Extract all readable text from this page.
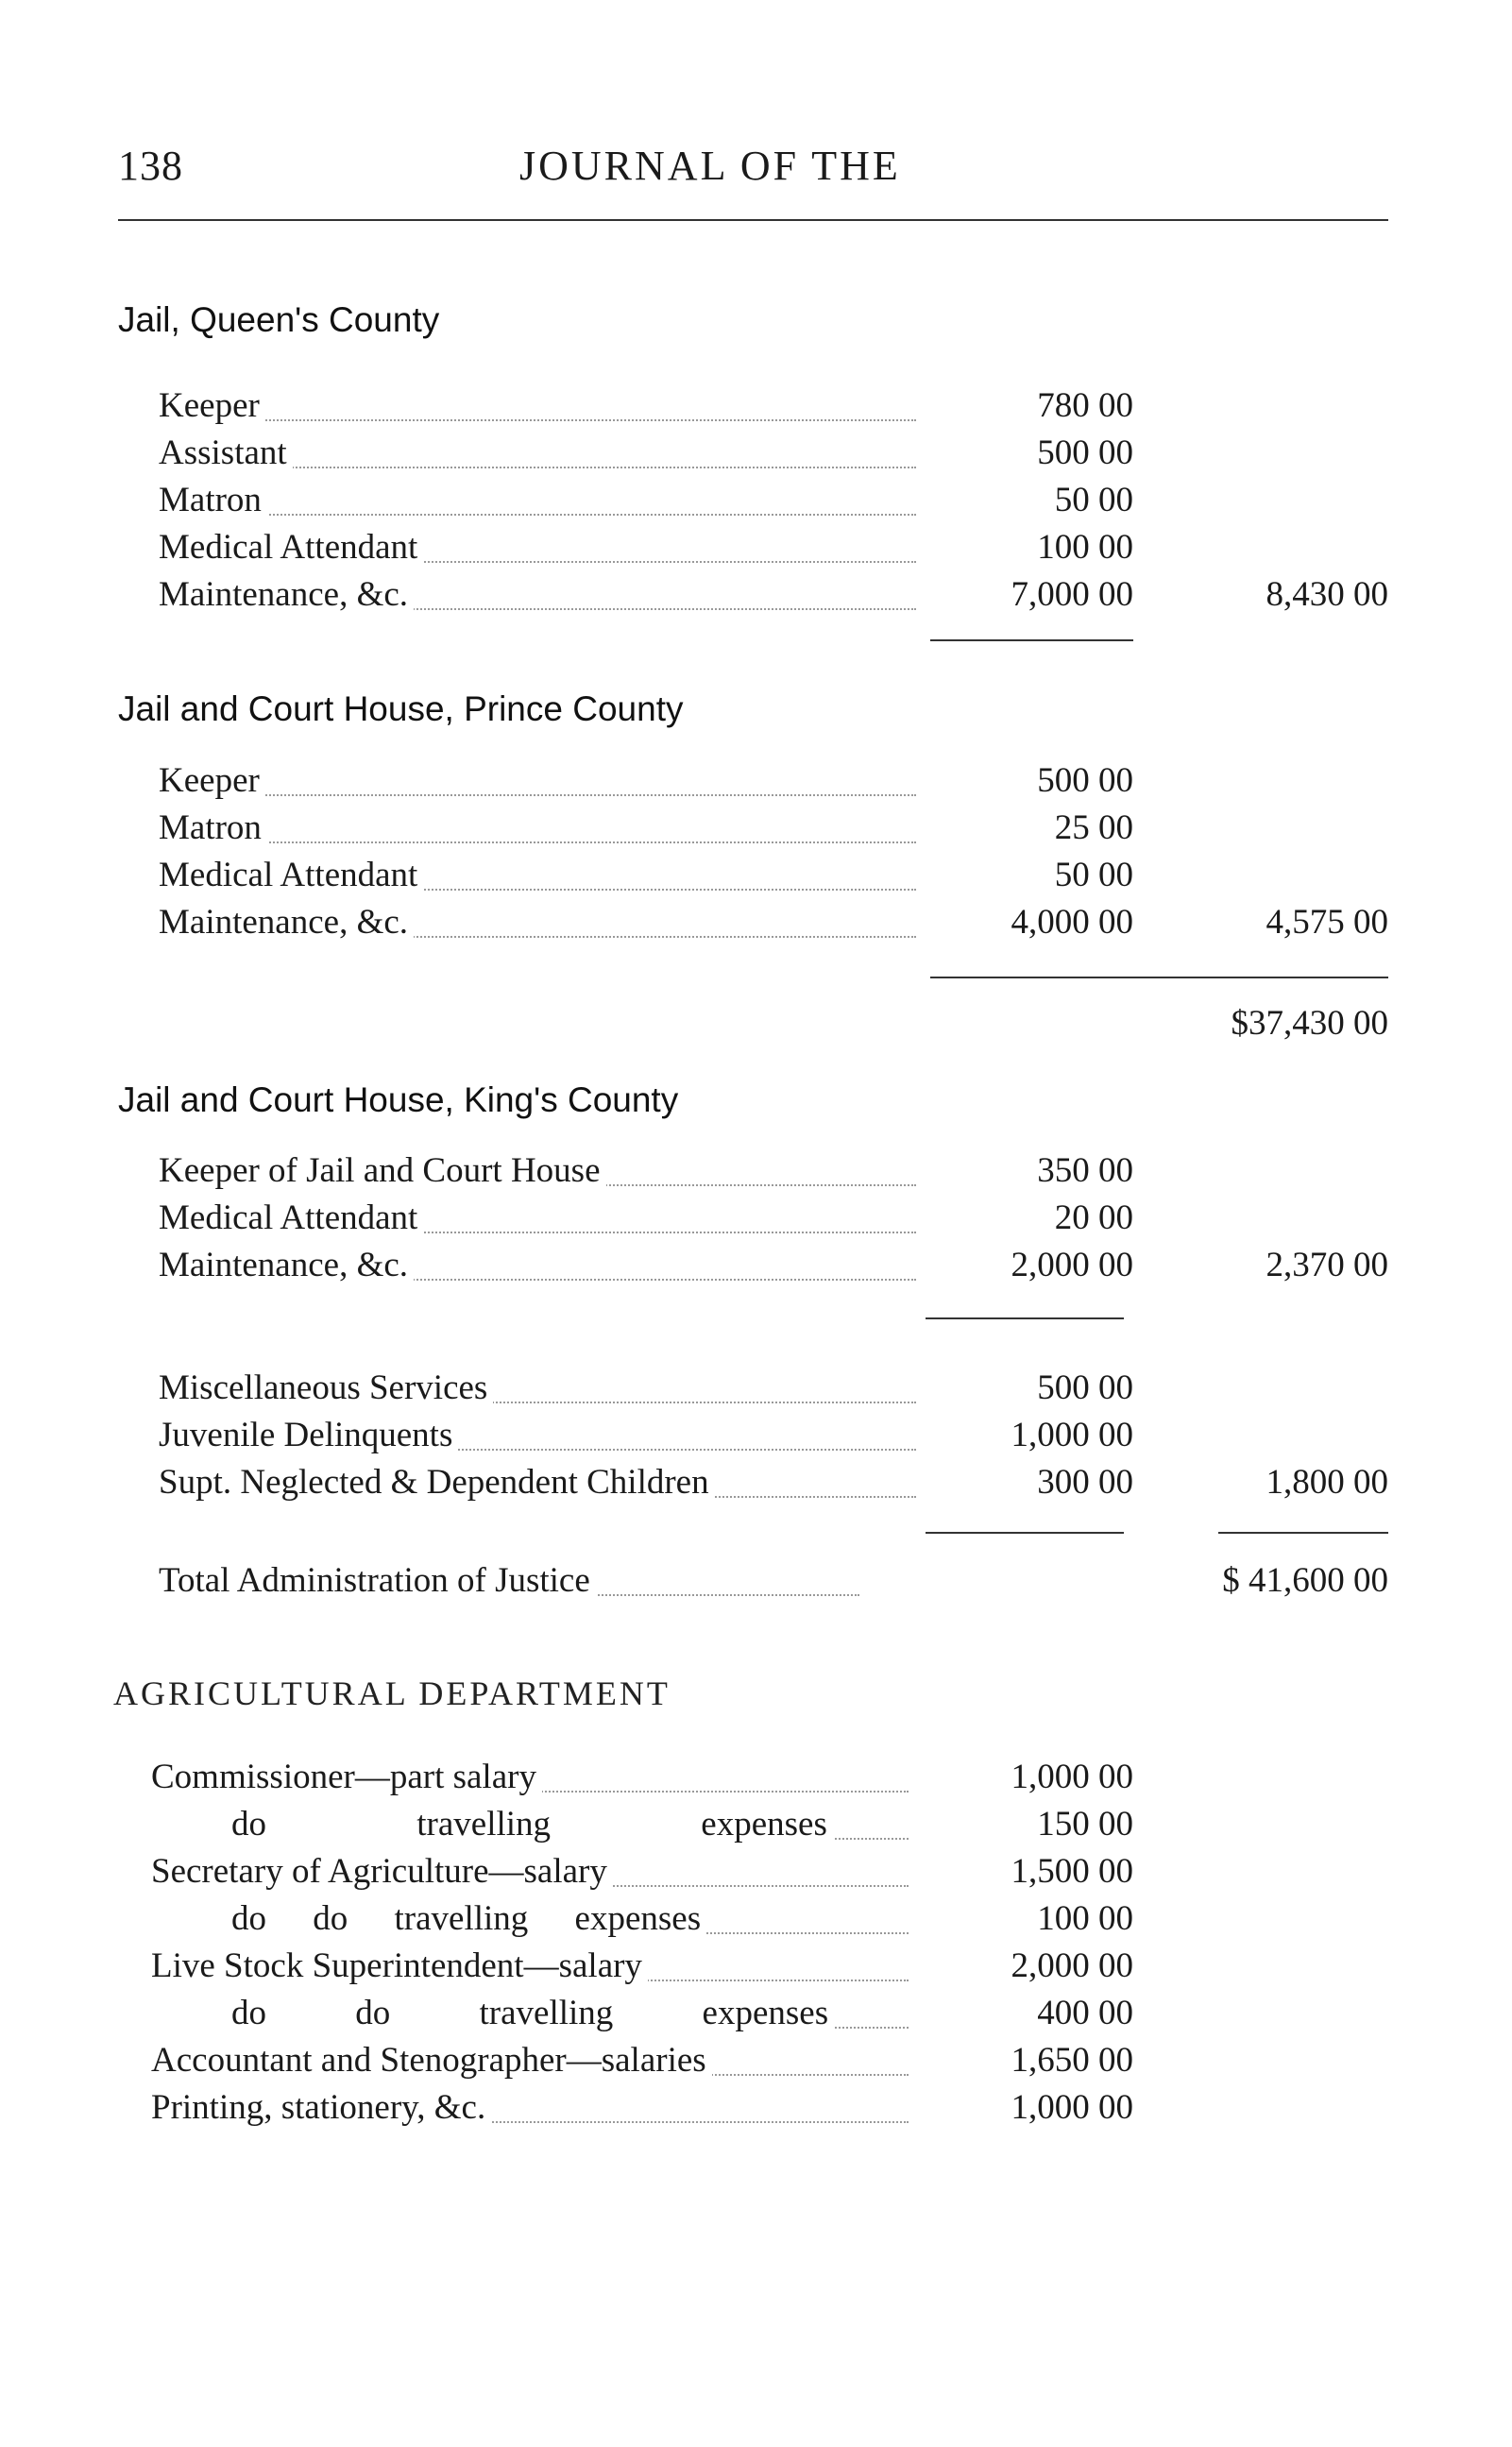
138	JOURNAL OF THE
Jail, Queen's County
Keeper	780 00
Assistant	500 00
Matron	50 00
Medical Attendant	100 00
Maintenance, &c.	7,000 00	8,430 00
Jail and Court House, Prince County
Keeper	500 00
Matron	25 00
Medical Attendant	50 00
Maintenance, &c.	4,000 00	4,575 00
$37,430 00
Jail and Court House, King's County
Keeper of Jail and Court House	350 00
Medical Attendant	20 00
Maintenance, &c.	2,000 00	2,370 00
Miscellaneous Services	500 00
Juvenile Delinquents	1,000 00
Supt. Neglected & Dependent Children	300 00	1,800 00
Total Administration of Justice	$ 41,600 00
AGRICULTURAL DEPARTMENT
Commissioner—part salary	1,000 00
do travelling expenses	150 00
Secretary of Agriculture—salary	1,500 00
do do travelling expenses	100 00
Live Stock Superintendent—salary	2,000 00
do do travelling expenses	400 00
Accountant and Stenographer—salaries	1,650 00
Printing, stationery, &c.	1,000 00
